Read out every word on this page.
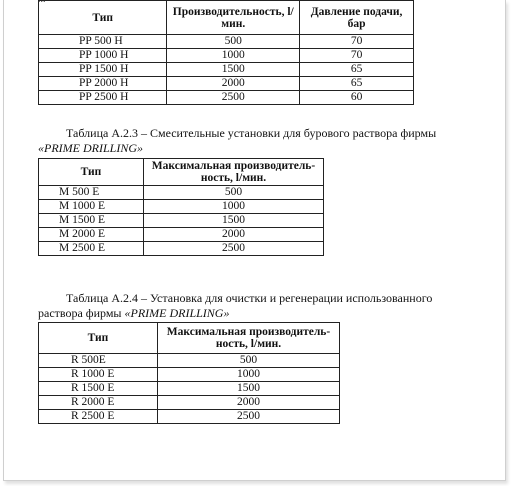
Тип	Производительность, l/мин.	Давление подачи, бар
PP 500 H	500	70
PP 1000 H	1000	70
PP 1500 H	1500	65
PP 2000 H	2000	65
PP 2500 H	2500	60
Таблица А.2.3 – Смесительные установки для бурового раствора фирмы «PRIME DRILLING»
Тип	Максимальная производитель-ность, l/мин.
M 500 E	500
M 1000 E	1000
M 1500 E	1500
M 2000 E	2000
M 2500 E	2500
Таблица А.2.4 – Установка для очистки и регенерации использованного раствора фирмы «PRIME DRILLING»
Тип	Максимальная производитель-ность, l/мин.
R 500E	500
R 1000 E	1000
R 1500 E	1500
R 2000 E	2000
R 2500 E	2500
